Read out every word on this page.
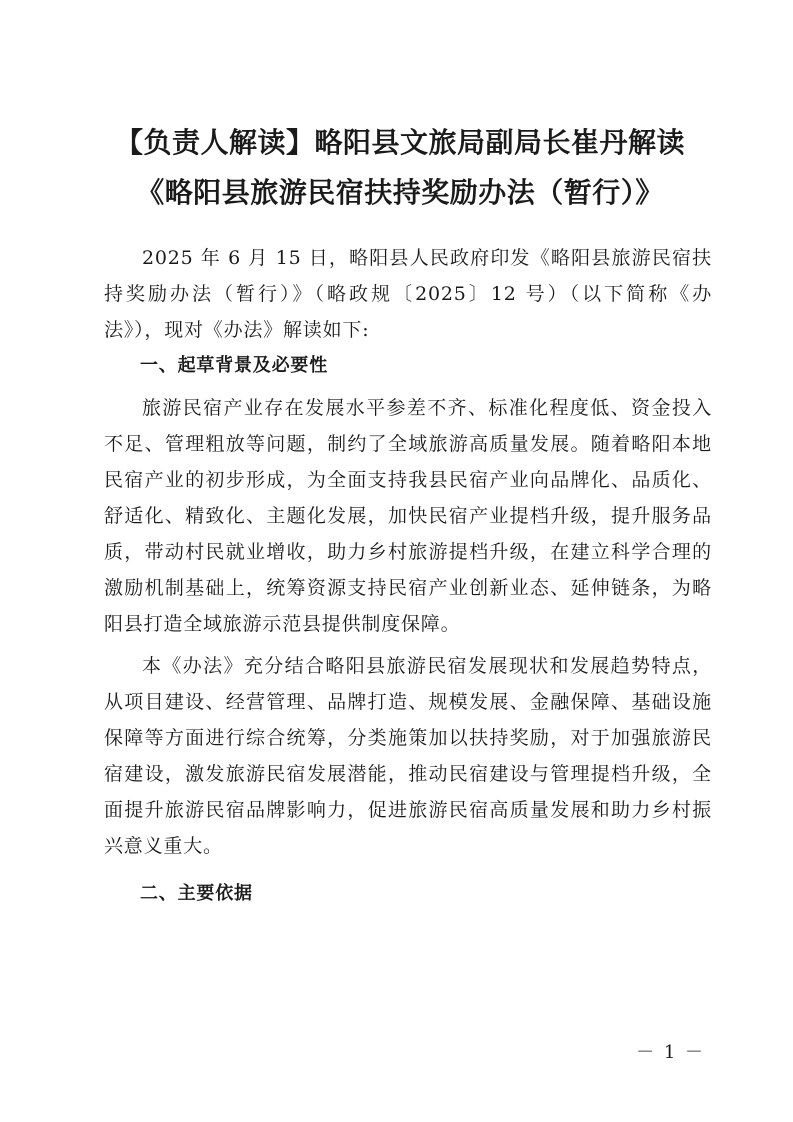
【负责人解读】略阳县文旅局副局长崔丹解读
《略阳县旅游民宿扶持奖励办法（暂行）》

2025 年 6 月 15 日，略阳县人民政府印发《略阳县旅游民宿扶持奖励办法（暂行）》（略政规〔2025〕12 号）（以下简称《办法》），现对《办法》解读如下:

一、起草背景及必要性

旅游民宿产业存在发展水平参差不齐、标准化程度低、资金投入不足、管理粗放等问题，制约了全域旅游高质量发展。随着略阳本地民宿产业的初步形成，为全面支持我县民宿产业向品牌化、品质化、舒适化、精致化、主题化发展，加快民宿产业提档升级，提升服务品质，带动村民就业增收，助力乡村旅游提档升级，在建立科学合理的激励机制基础上，统筹资源支持民宿产业创新业态、延伸链条，为略阳县打造全域旅游示范县提供制度保障。

本《办法》充分结合略阳县旅游民宿发展现状和发展趋势特点，从项目建设、经营管理、品牌打造、规模发展、金融保障、基础设施保障等方面进行综合统筹，分类施策加以扶持奖励，对于加强旅游民宿建设，激发旅游民宿发展潜能，推动民宿建设与管理提档升级，全面提升旅游民宿品牌影响力，促进旅游民宿高质量发展和助力乡村振兴意义重大。

二、主要依据

－ 1 －
